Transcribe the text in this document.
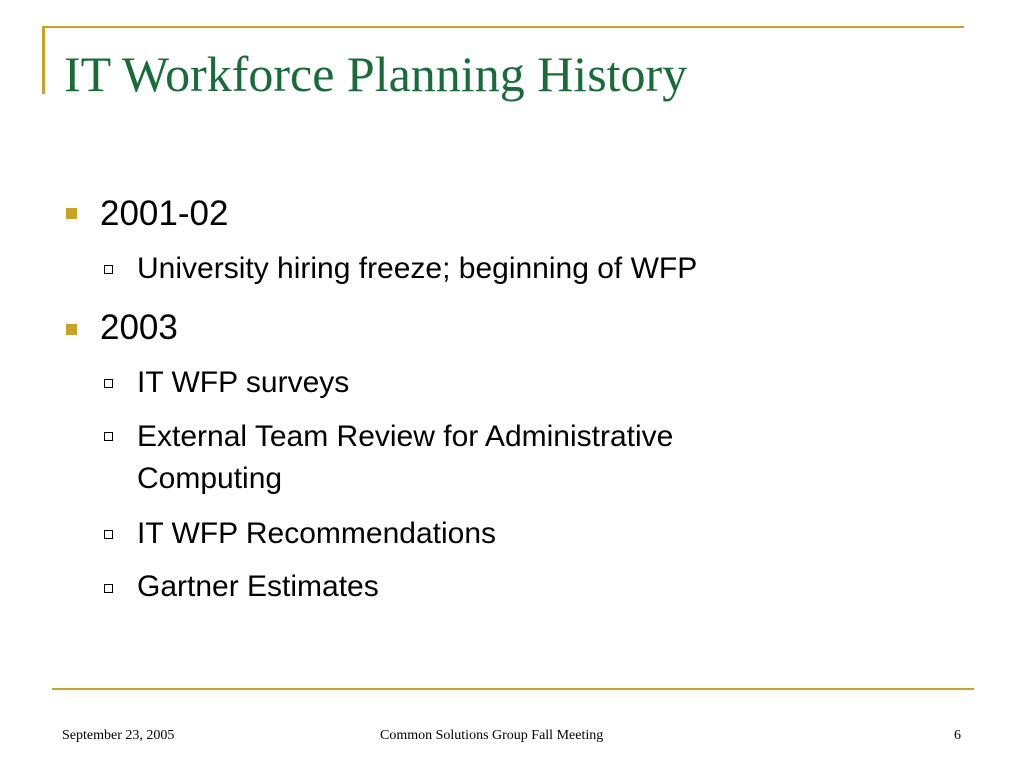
IT Workforce Planning History
2001-02
University hiring freeze; beginning of WFP
2003
IT WFP surveys
External Team Review for Administrative Computing
IT WFP Recommendations
Gartner Estimates
September 23, 2005	Common Solutions Group Fall Meeting	6
